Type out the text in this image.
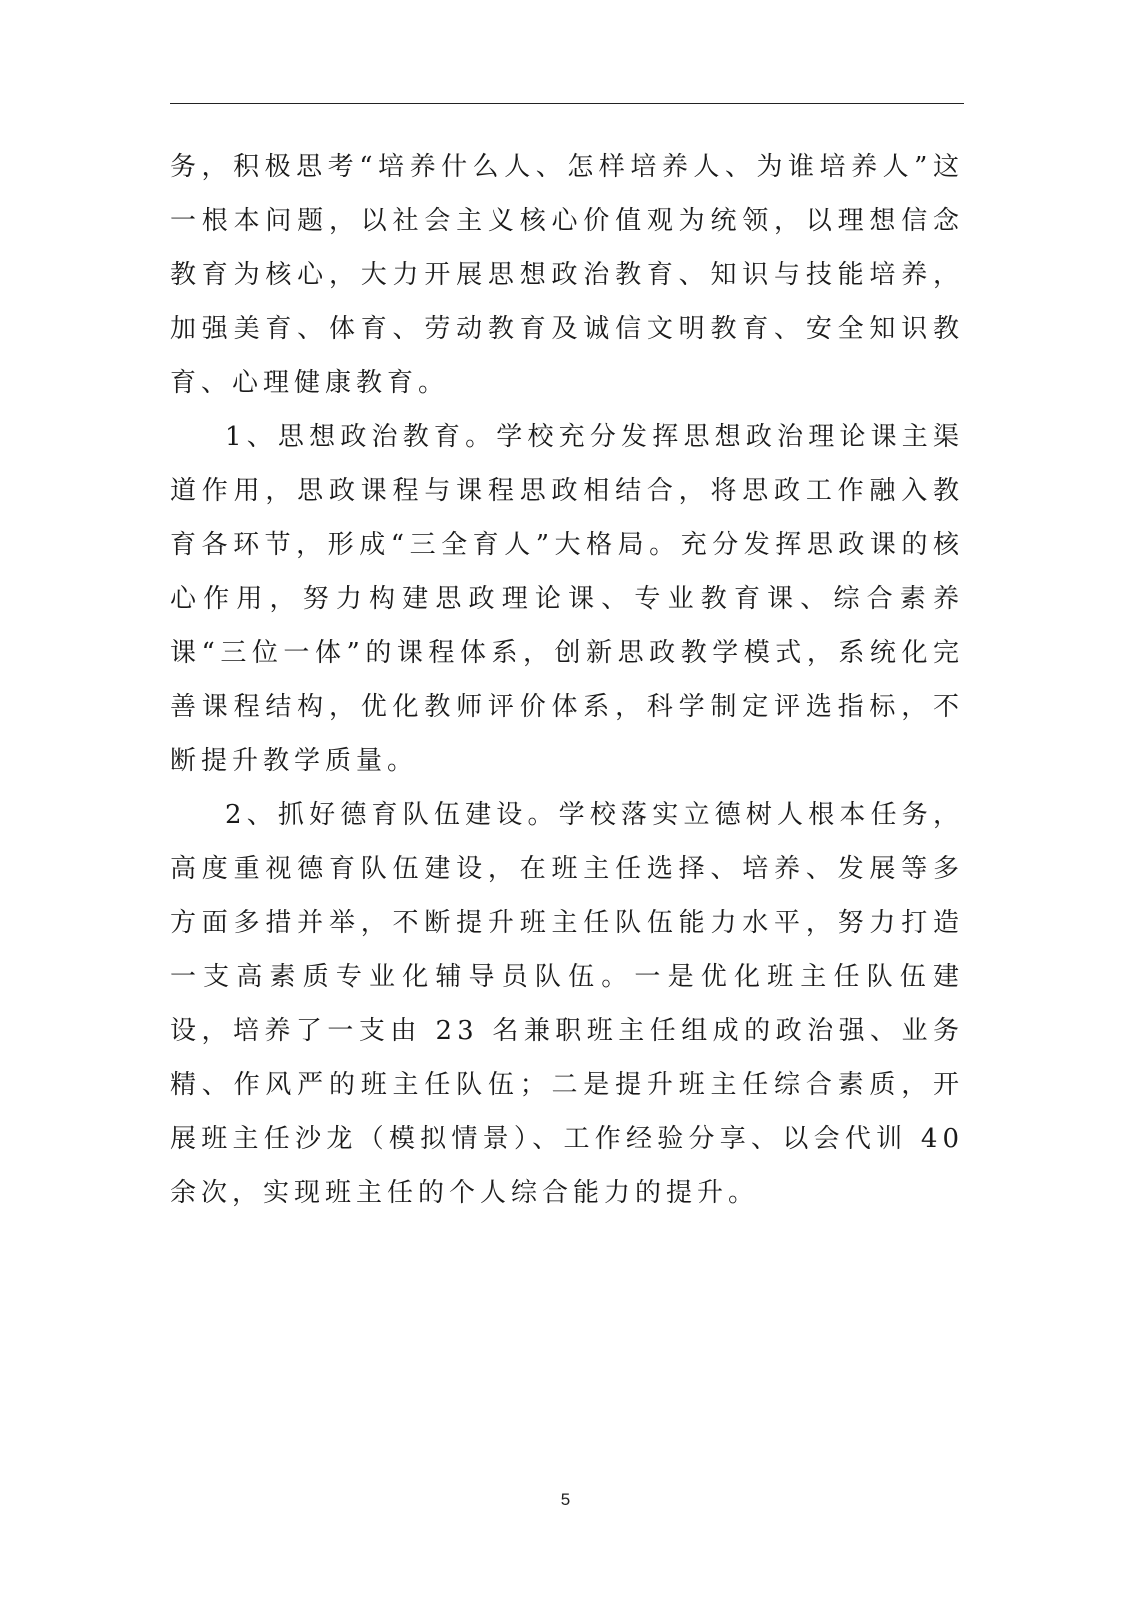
务，积极思考“培养什么人、怎样培养人、为谁培养人”这一根本问题，以社会主义核心价值观为统领，以理想信念教育为核心，大力开展思想政治教育、知识与技能培养，加强美育、体育、劳动教育及诚信文明教育、安全知识教育、心理健康教育。

1、思想政治教育。学校充分发挥思想政治理论课主渠道作用，思政课程与课程思政相结合，将思政工作融入教育各环节，形成“三全育人”大格局。充分发挥思政课的核心作用，努力构建思政理论课、专业教育课、综合素养课“三位一体”的课程体系，创新思政教学模式，系统化完善课程结构，优化教师评价体系，科学制定评选指标，不断提升教学质量。

2、抓好德育队伍建设。学校落实立德树人根本任务，高度重视德育队伍建设，在班主任选择、培养、发展等多方面多措并举，不断提升班主任队伍能力水平，努力打造一支高素质专业化辅导员队伍。一是优化班主任队伍建设，培养了一支由 23 名兼职班主任组成的政治强、业务精、作风严的班主任队伍；二是提升班主任综合素质，开展班主任沙龙（模拟情景）、工作经验分享、以会代训 40 余次，实现班主任的个人综合能力的提升。

5
